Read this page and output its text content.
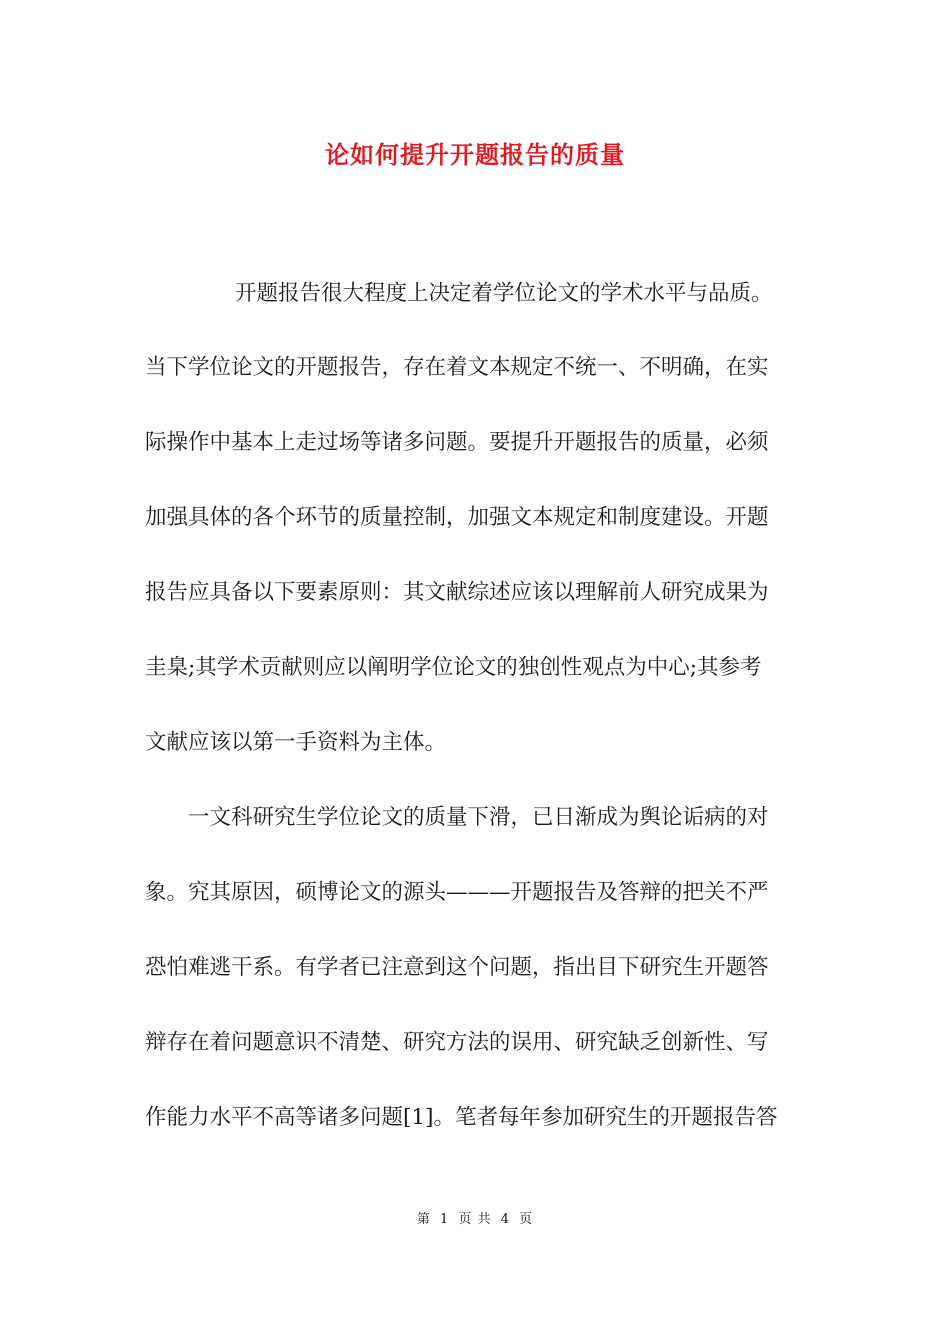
论如何提升开题报告的质量
开题报告很大程度上决定着学位论文的学术水平与品质。
当下学位论文的开题报告，存在着文本规定不统一、不明确，在实
际操作中基本上走过场等诸多问题。要提升开题报告的质量，必须
加强具体的各个环节的质量控制，加强文本规定和制度建设。开题
报告应具备以下要素原则：其文献综述应该以理解前人研究成果为
圭臬;其学术贡献则应以阐明学位论文的独创性观点为中心;其参考
文献应该以第一手资料为主体。
一文科研究生学位论文的质量下滑，已日渐成为舆论诟病的对
象。究其原因，硕博论文的源头———开题报告及答辩的把关不严
恐怕难逃干系。有学者已注意到这个问题，指出目下研究生开题答
辩存在着问题意识不清楚、研究方法的误用、研究缺乏创新性、写
作能力水平不高等诸多问题[1]。笔者每年参加研究生的开题报告答
第 1 页 共 4 页
